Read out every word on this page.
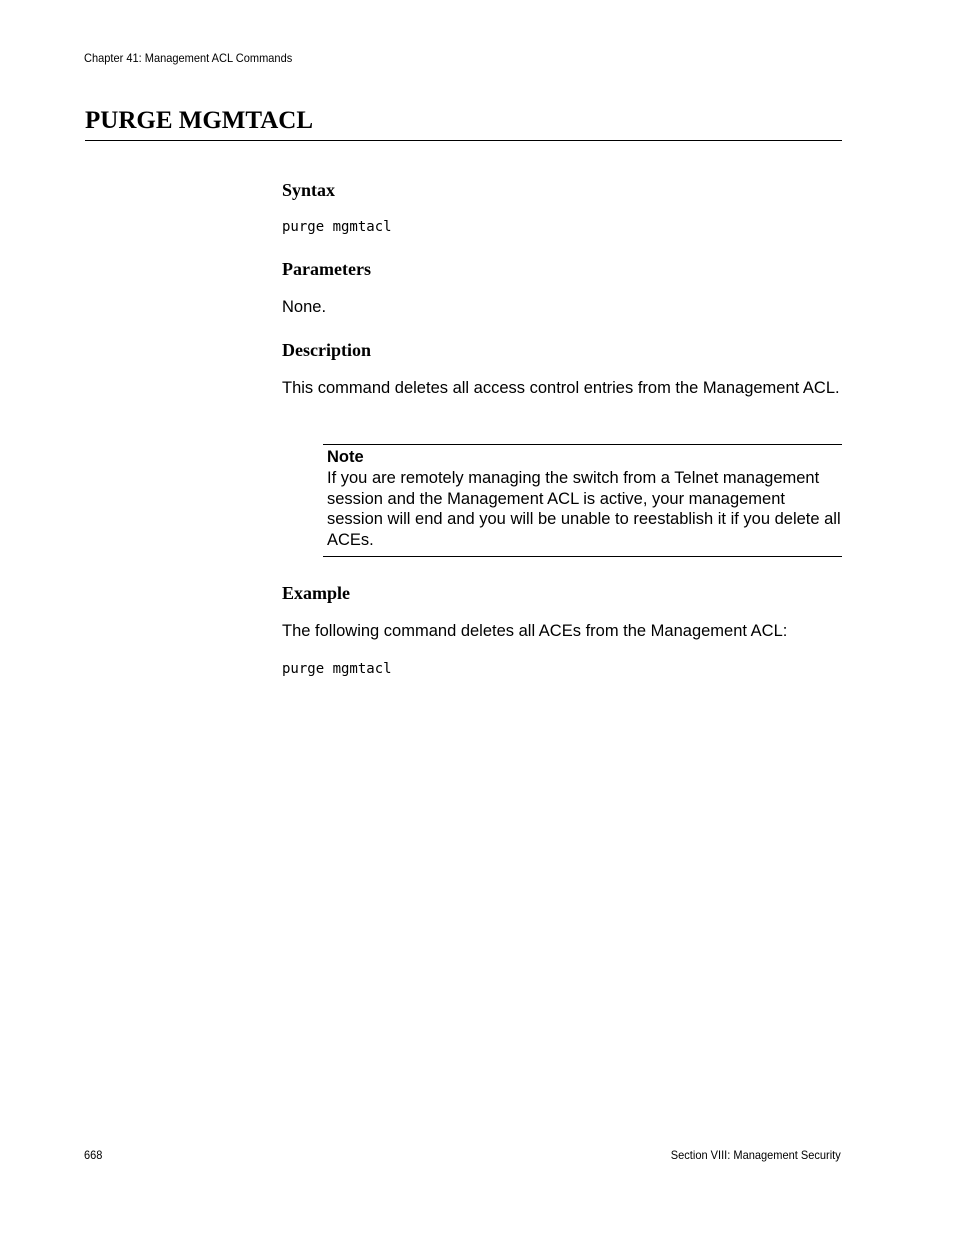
Chapter 41: Management ACL Commands
PURGE MGMTACL
Syntax
purge mgmtacl
Parameters

None.

Description

This command deletes all access control entries from the Management ACL.

Note

If you are remotely managing the switch from a Telnet management session and the Management ACL is active, your management session will end and you will be unable to reestablish it if you delete all ACEs.

Example

The following command deletes all ACEs from the Management ACL:

purge mgmtacl
668	Section VIII: Management Security
